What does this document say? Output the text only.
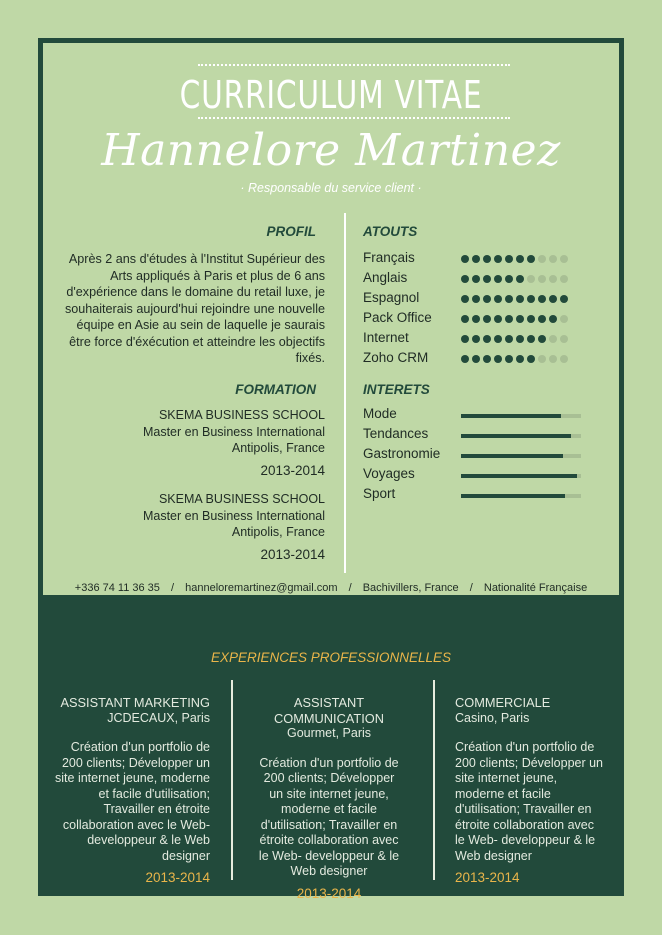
CURRICULUM VITAE
Hannelore Martinez
· Responsable du service client ·
PROFIL
Après 2 ans d'études à l'Institut Supérieur des Arts appliqués à Paris et plus de 6 ans d'expérience dans le domaine du retail luxe, je souhaiterais aujourd'hui rejoindre une nouvelle équipe en Asie au sein de laquelle je saurais être force d'éxécution et atteindre les objectifs fixés.
FORMATION
SKEMA BUSINESS SCHOOL
Master en Business International
Antipolis, France
2013-2014
SKEMA BUSINESS SCHOOL
Master en Business International
Antipolis, France
2013-2014
ATOUTS
Français
Anglais
Espagnol
Pack Office
Internet
Zoho CRM
INTERETS
Mode
Tendances
Gastronomie
Voyages
Sport
+336 74 11 36 35 / hanneloremartinez@gmail.com / Bachivillers, France / Nationalité Française
EXPERIENCES PROFESSIONNELLES
ASSISTANT MARKETING
JCDECAUX, Paris
Création d'un portfolio de 200 clients; Développer un site internet jeune, moderne et facile d'utilisation; Travailler en étroite collaboration avec le Web- developpeur & le Web designer
2013-2014
ASSISTANT COMMUNICATION
Gourmet, Paris
Création d'un portfolio de 200 clients; Développer un site internet jeune, moderne et facile d'utilisation; Travailler en étroite collaboration avec le Web- developpeur & le Web designer
2013-2014
COMMERCIALE
Casino, Paris
Création d'un portfolio de 200 clients; Développer un site internet jeune, moderne et facile d'utilisation; Travailler en étroite collaboration avec le Web- developpeur & le Web designer
2013-2014
